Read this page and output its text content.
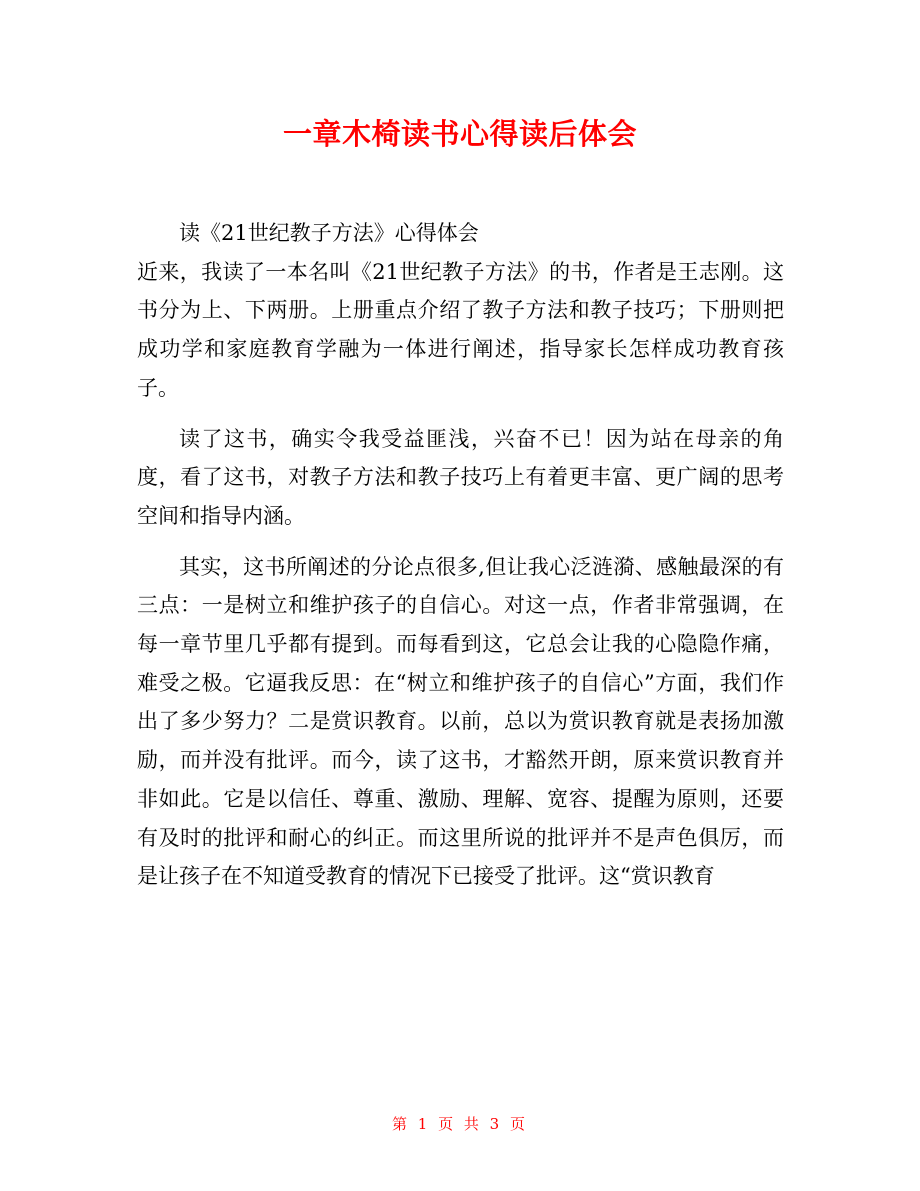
一章木椅读书心得读后体会

读《21世纪教子方法》心得体会

近来，我读了一本名叫《21世纪教子方法》的书，作者是王志刚。这书分为上、下两册。上册重点介绍了教子方法和教子技巧；下册则把成功学和家庭教育学融为一体进行阐述，指导家长怎样成功教育孩子。

读了这书，确实令我受益匪浅，兴奋不已！因为站在母亲的角度，看了这书，对教子方法和教子技巧上有着更丰富、更广阔的思考空间和指导内涵。

其实，这书所阐述的分论点很多,但让我心泛涟漪、感触最深的有三点：一是树立和维护孩子的自信心。对这一点，作者非常强调，在每一章节里几乎都有提到。而每看到这，它总会让我的心隐隐作痛，难受之极。它逼我反思：在“树立和维护孩子的自信心”方面，我们作出了多少努力？二是赏识教育。以前，总以为赏识教育就是表扬加激励，而并没有批评。而今，读了这书，才豁然开朗，原来赏识教育并非如此。它是以信任、尊重、激励、理解、宽容、提醒为原则，还要有及时的批评和耐心的纠正。而这里所说的批评并不是声色俱厉，而是让孩子在不知道受教育的情况下已接受了批评。这“赏识教育

第 1 页 共 3 页
